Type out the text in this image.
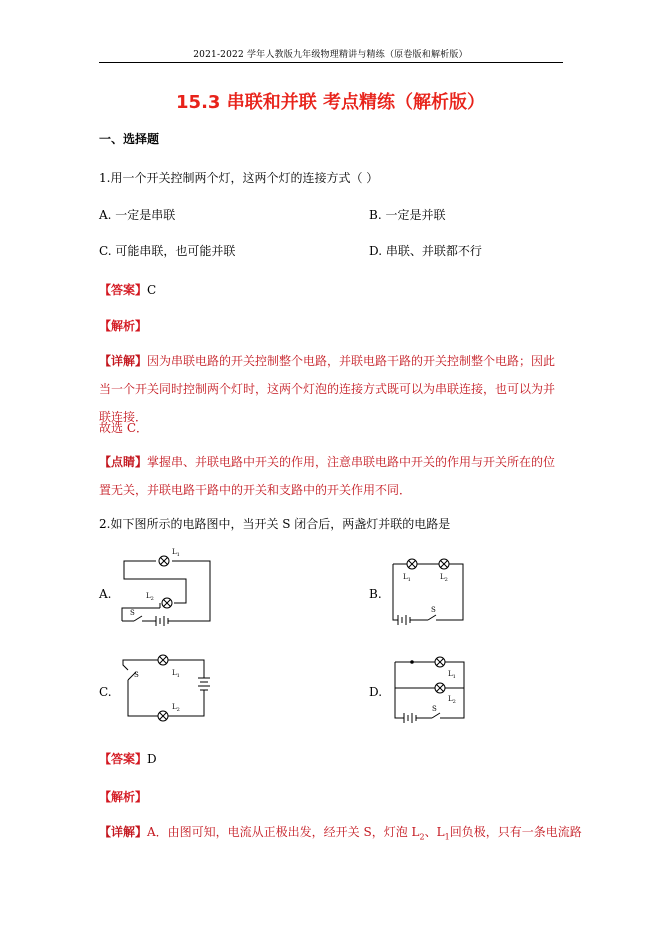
2021-2022 学年人教版九年级物理精讲与精练（原卷版和解析版）
15.3 串联和并联 考点精练（解析版）
一、选择题
1.用一个开关控制两个灯，这两个灯的连接方式（ ）
A. 一定是串联	B. 一定是并联
C. 可能串联，也可能并联	D. 串联、并联都不行
【答案】C
【解析】
【详解】因为串联电路的开关控制整个电路，并联电路干路的开关控制整个电路；因此当一个开关同时控制两个灯时，这两个灯泡的连接方式既可以为串联连接，也可以为并联连接．
故选 C．
【点睛】掌握串、并联电路中开关的作用，注意串联电路中开关的作用与开关所在的位置无关，并联电路干路中的开关和支路中的开关作用不同．
2.如下图所示的电路图中，当开关 S 闭合后，两盏灯并联的电路是
A.	B.
C.	D.
$L_1$
$L_2$
S
$L_1$	$L_2$
S
$L_1$
$L_2$
S	$L_1$
$L_2$
S
【答案】D
【解析】
【详解】A．由图可知，电流从正极出发，经开关 S，灯泡 $L_2$、$L_1$回负极，只有一条电流路
